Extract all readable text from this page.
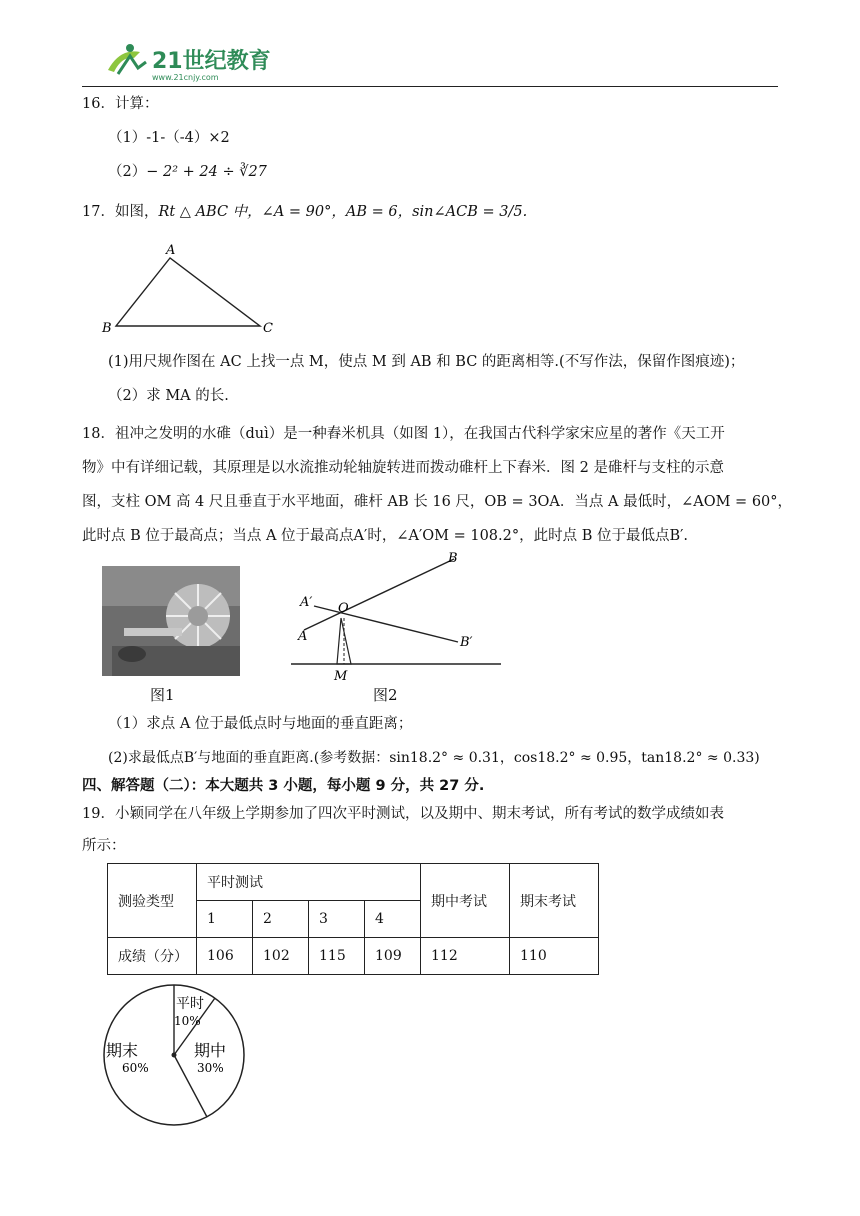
21世纪教育
www.21cnjy.com
16．计算：
（1）-1-（-4）×2
（2）− 2² + 24 ÷ ∛27
17．如图，Rt △ ABC 中，∠A = 90°，AB = 6，sin∠ACB = 3/5.
A
B	C
(1)用尺规作图在 AC 上找一点 M，使点 M 到 AB 和 BC 的距离相等.(不写作法，保留作图痕迹)；
（2）求 MA 的长.
18．祖冲之发明的水碓（duì）是一种舂米机具（如图 1），在我国古代科学家宋应星的著作《天工开
物》中有详细记载，其原理是以水流推动轮轴旋转进而拨动碓杆上下舂米．图 2 是碓杆与支柱的示意
图，支柱 OM 高 4 尺且垂直于水平地面，碓杆 AB 长 16 尺，OB = 3OA．当点 A 最低时，∠AOM = 60°，
此时点 B 位于最高点；当点 A 位于最高点A′时，∠A′OM = 108.2°，此时点 B 位于最低点B′.
图1
B
A′ O
A	B′
M
图2
（1）求点 A 位于最低点时与地面的垂直距离；
(2)求最低点B′与地面的垂直距离.(参考数据：sin18.2° ≈ 0.31，cos18.2° ≈ 0.95，tan18.2° ≈ 0.33)
四、解答题（二）：本大题共 3 小题，每小题 9 分，共 27 分.
19．小颖同学在八年级上学期参加了四次平时测试，以及期中、期末考试，所有考试的数学成绩如表
所示：
测验类型	平时测试				期中考试	期末考试
	1	2	3	4		
成绩（分）	106	102	115	109	112	110
平时
10%
期中
30%
期末
60%
